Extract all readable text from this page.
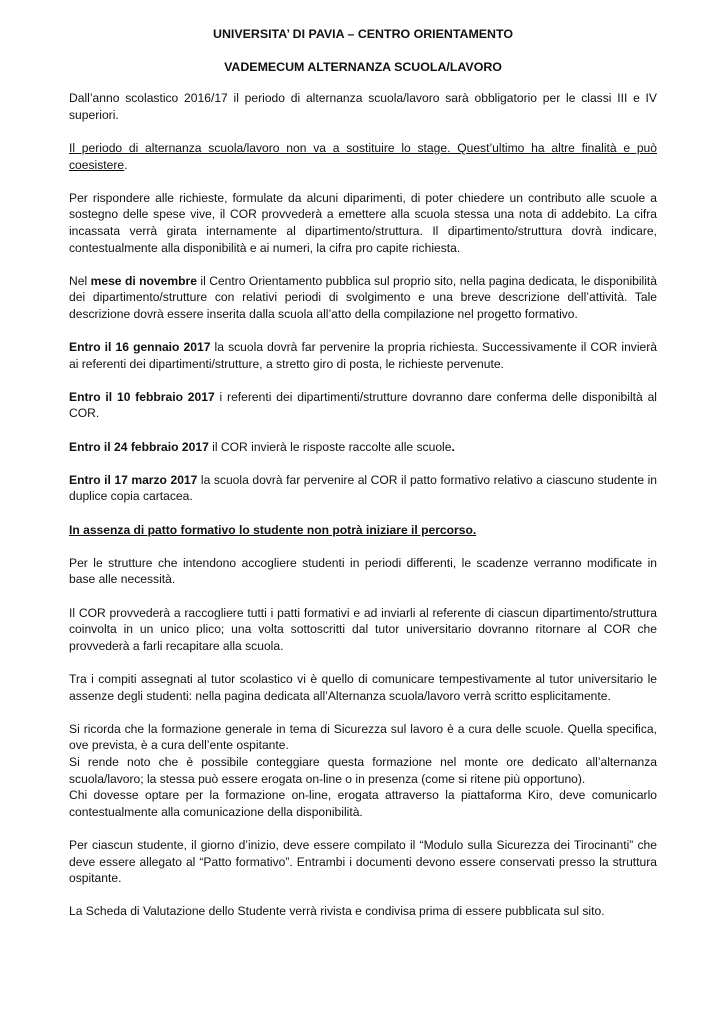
UNIVERSITA’ DI PAVIA – CENTRO ORIENTAMENTO
VADEMECUM ALTERNANZA SCUOLA/LAVORO

Dall’anno scolastico 2016/17 il periodo di alternanza scuola/lavoro sarà obbligatorio per le classi III e IV superiori.

Il periodo di alternanza scuola/lavoro non va a sostituire lo stage. Quest’ultimo ha altre finalità e può coesistere.

Per rispondere alle richieste, formulate da alcuni diparimenti, di poter chiedere un contributo alle scuole a sostegno delle spese vive, il COR provvederà a emettere alla scuola stessa una nota di addebito. La cifra incassata verrà girata internamente al dipartimento/struttura. Il dipartimento/struttura dovrà indicare, contestualmente alla disponibilità e ai numeri, la cifra pro capite richiesta.

Nel mese di novembre il Centro Orientamento pubblica sul proprio sito, nella pagina dedicata, le disponibilità dei dipartimento/strutture con relativi periodi di svolgimento e una breve descrizione dell’attività. Tale descrizione dovrà essere inserita dalla scuola all’atto della compilazione nel progetto formativo.

Entro il 16 gennaio 2017 la scuola dovrà far pervenire la propria richiesta. Successivamente il COR invierà ai referenti dei dipartimenti/strutture, a stretto giro di posta, le richieste pervenute.

Entro il 10 febbraio 2017 i referenti dei dipartimenti/strutture dovranno dare conferma delle disponibiltà al COR.

Entro il 24 febbraio 2017 il COR invierà le risposte raccolte alle scuole.

Entro il 17 marzo 2017 la scuola dovrà far pervenire al COR il patto formativo relativo a ciascuno studente in duplice copia cartacea.

In assenza di patto formativo lo studente non potrà iniziare il percorso.

Per le strutture che intendono accogliere studenti in periodi differenti, le scadenze verranno modificate in base alle necessità.

Il COR provvederà a raccogliere tutti i patti formativi e ad inviarli al referente di ciascun dipartimento/struttura coinvolta in un unico plico; una volta sottoscritti dal tutor universitario dovranno ritornare al COR che provvederà a farli recapitare alla scuola.

Tra i compiti assegnati al tutor scolastico vi è quello di comunicare tempestivamente al tutor universitario le assenze degli studenti: nella pagina dedicata all’Alternanza scuola/lavoro verrà scritto esplicitamente.

Si ricorda che la formazione generale in tema di Sicurezza sul lavoro è a cura delle scuole. Quella specifica, ove prevista, è a cura dell’ente ospitante.

Si rende noto che è possibile conteggiare questa formazione nel monte ore dedicato all’alternanza scuola/lavoro; la stessa può essere erogata on-line o in presenza (come si ritene più opportuno).

Chi dovesse optare per la formazione on-line, erogata attraverso la piattaforma Kiro, deve comunicarlo contestualmente alla comunicazione della disponibilità.

Per ciascun studente, il giorno d’inizio, deve essere compilato il “Modulo sulla Sicurezza dei Tirocinanti” che deve essere allegato al “Patto formativo”. Entrambi i documenti devono essere conservati presso la struttura ospitante.

La Scheda di Valutazione dello Studente verrà rivista e condivisa prima di essere pubblicata sul sito.
